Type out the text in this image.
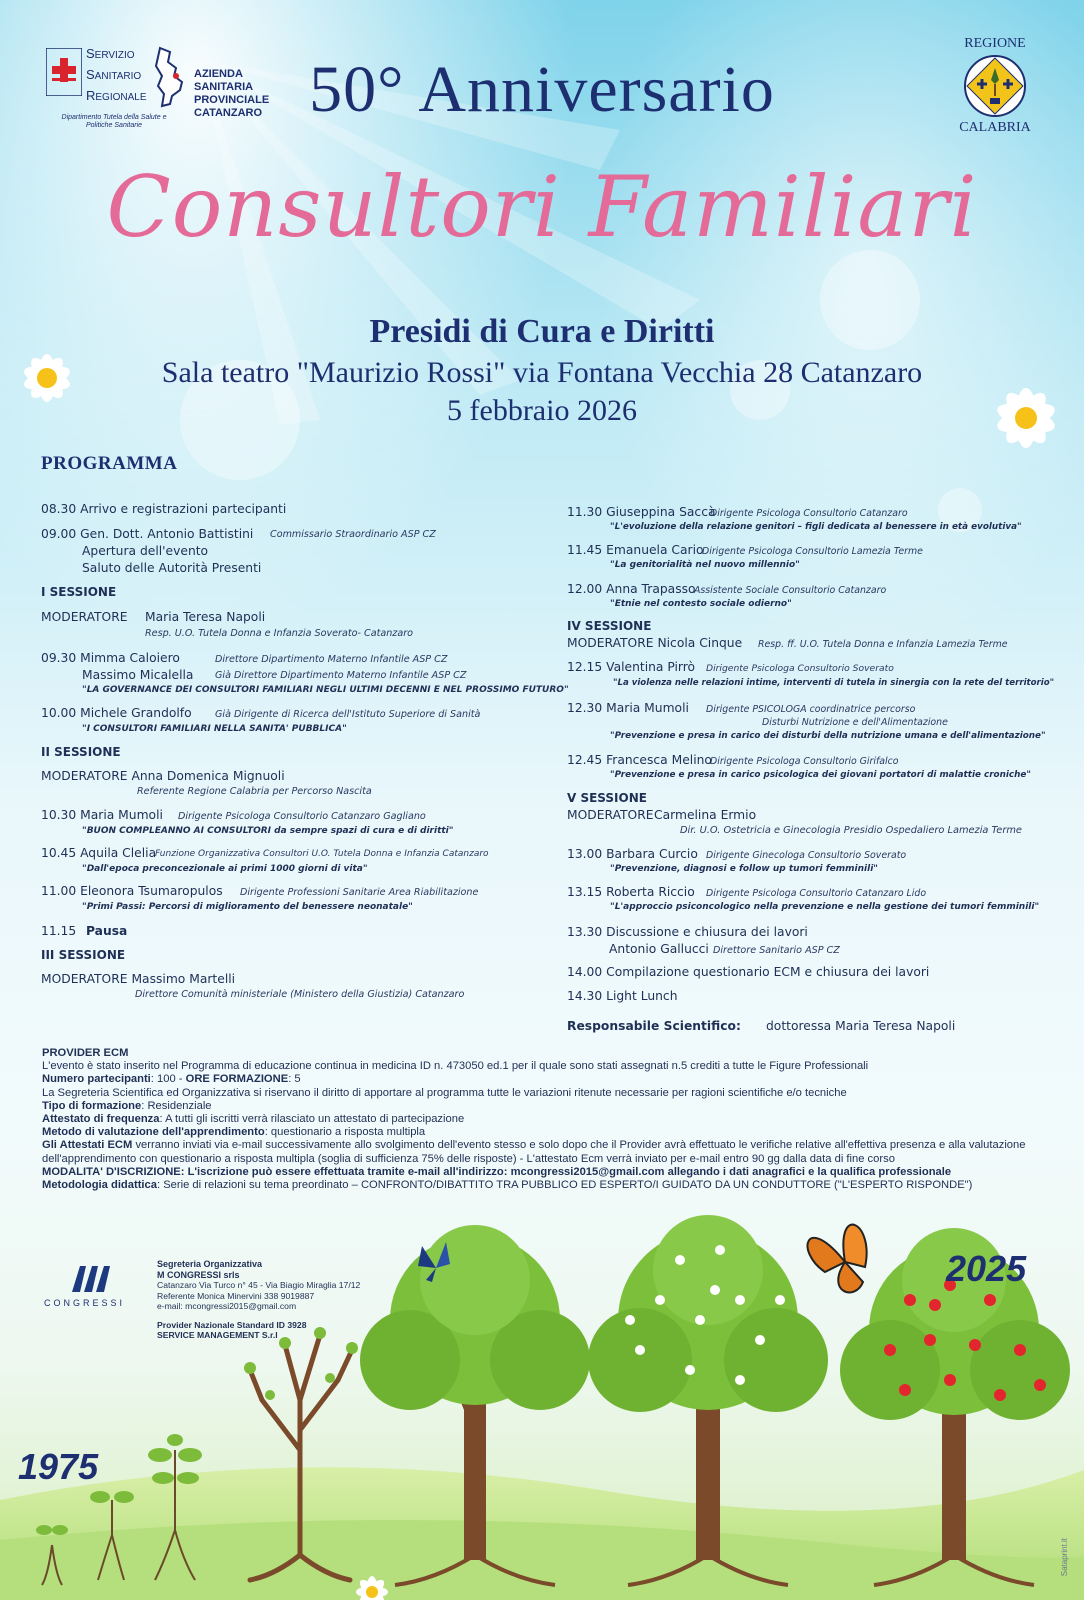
SERVIZIO
SANITARIO
REGIONALE
Dipartimento Tutela della Salute e Politiche Sanitarie
AZIENDA
SANITARIA
PROVINCIALE
CATANZARO
REGIONE
CALABRIA
50° Anniversario
Consultori Familiari
Presidi di Cura e Diritti
Sala teatro "Maurizio Rossi" via Fontana Vecchia 28 Catanzaro
5 febbraio 2026
PROGRAMMA
08.30 Arrivo e registrazioni partecipanti
09.00 Gen. Dott. Antonio Battistini Commissario Straordinario ASP CZ
Apertura dell'evento
Saluto delle Autorità Presenti
I SESSIONE
MODERATORE Maria Teresa Napoli
Resp. U.O. Tutela Donna e Infanzia Soverato- Catanzaro
09.30 Mimma Caloiero	Direttore Dipartimento Materno Infantile ASP CZ
Massimo Micalella Già Direttore Dipartimento Materno Infantile ASP CZ
"LA GOVERNANCE DEI CONSULTORI FAMILIARI NEGLI ULTIMI DECENNI E NEL PROSSIMO FUTURO"
10.00 Michele Grandolfo Già Dirigente di Ricerca dell'Istituto Superiore di Sanità
"I CONSULTORI FAMILIARI NELLA SANITA' PUBBLICA"
II SESSIONE
MODERATORE Anna Domenica Mignuoli
Referente Regione Calabria per Percorso Nascita
10.30 Maria Mumoli Dirigente Psicologa Consultorio Catanzaro Gagliano
"BUON COMPLEANNO AI CONSULTORI da sempre spazi di cura e di diritti"
10.45 Aquila Clelia
Funzione Organizzativa Consultori U.O. Tutela Donna e Infanzia Catanzaro
"Dall'epoca preconcezionale ai primi 1000 giorni di vita"
11.00 Eleonora Tsumaropulos Dirigente Professioni Sanitarie Area Riabilitazione
"Primi Passi: Percorsi di miglioramento del benessere neonatale"
11.15 Pausa
III SESSIONE
MODERATORE Massimo Martelli
Direttore Comunità ministeriale (Ministero della Giustizia) Catanzaro
11.30 Giuseppina Saccà
Dirigente Psicologa Consultorio Catanzaro
"L'evoluzione della relazione genitori – figli dedicata al benessere in età evolutiva"
11.45 Emanuela Cario
Dirigente Psicologa Consultorio Lamezia Terme
"La genitorialità nel nuovo millennio"
12.00 Anna Trapasso
Assistente Sociale Consultorio Catanzaro
"Etnie nel contesto sociale odierno"
IV SESSIONE
MODERATORE Nicola Cinque Resp. ff. U.O. Tutela Donna e Infanzia Lamezia Terme
12.15 Valentina Pirrò Dirigente Psicologa Consultorio Soverato
"La violenza nelle relazioni intime, interventi di tutela in sinergia con la rete del territorio"
12.30 Maria Mumoli Dirigente PSICOLOGA coordinatrice percorso
Disturbi Nutrizione e dell'Alimentazione
"Prevenzione e presa in carico dei disturbi della nutrizione umana e dell'alimentazione"
12.45 Francesca Melino
Dirigente Psicologa Consultorio Girifalco
"Prevenzione e presa in carico psicologica dei giovani portatori di malattie croniche"
V SESSIONE
MODERATORE Carmelina Ermio
Dir. U.O. Ostetricia e Ginecologia Presidio Ospedaliero Lamezia Terme
13.00 Barbara Curcio Dirigente Ginecologa Consultorio Soverato
"Prevenzione, diagnosi e follow up tumori femminili"
13.15 Roberta Riccio Dirigente Psicologa Consultorio Catanzaro Lido
"L'approccio psiconcologico nella prevenzione e nella gestione dei tumori femminili"
13.30 Discussione e chiusura dei lavori
Antonio Gallucci Direttore Sanitario ASP CZ
14.00 Compilazione questionario ECM e chiusura dei lavori
14.30 Light Lunch
Responsabile Scientifico: dottoressa Maria Teresa Napoli
PROVIDER ECM
L'evento è stato inserito nel Programma di educazione continua in medicina ID n. 473050 ed.1 per il quale sono stati assegnati n.5 crediti a tutte le Figure Professionali
Numero partecipanti: 100 - ORE FORMAZIONE: 5
La Segreteria Scientifica ed Organizzativa si riservano il diritto di apportare al programma tutte le variazioni ritenute necessarie per ragioni scientifiche e/o tecniche
Tipo di formazione: Residenziale
Attestato di frequenza: A tutti gli iscritti verrà rilasciato un attestato di partecipazione
Metodo di valutazione dell'apprendimento: questionario a risposta multipla
Gli Attestati ECM verranno inviati via e-mail successivamente allo svolgimento dell'evento stesso e solo dopo che il Provider avrà effettuato le verifiche relative all'effettiva presenza e alla valutazione dell'apprendimento con questionario a risposta multipla (soglia di sufficienza 75% delle risposte) - L'attestato Ecm verrà inviato per e-mail entro 90 gg dalla data di fine corso
MODALITA' D'ISCRIZIONE: L'iscrizione può essere effettuata tramite e-mail all'indirizzo: mcongressi2015@gmail.com allegando i dati anagrafici e la qualifica professionale
Metodologia didattica: Serie di relazioni su tema preordinato – CONFRONTO/DIBATTITO TRA PUBBLICO ED ESPERTO/I GUIDATO DA UN CONDUTTORE ("L'ESPERTO RISPONDE")
CONGRESSI
Segreteria Organizzativa
M CONGRESSI srls
Catanzaro Via Turco n° 45 - Via Biagio Miraglia 17/12
Referente Monica Minervini 338 9019887
e-mail: mcongressi2015@gmail.com
Provider Nazionale Standard ID 3928
SERVICE MANAGEMENT S.r.l
2025
1975
Sataprint.it
